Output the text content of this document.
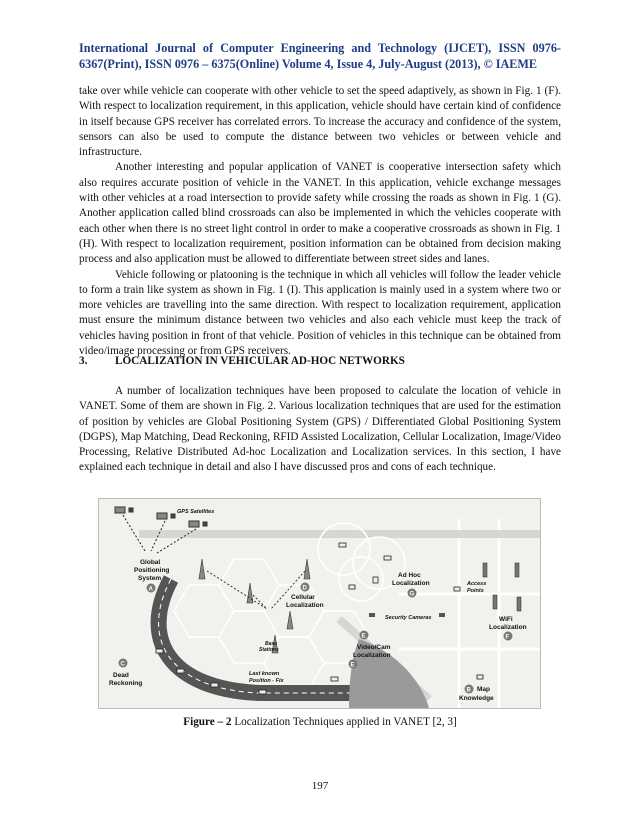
International Journal of Computer Engineering and Technology (IJCET), ISSN 0976-6367(Print), ISSN 0976 – 6375(Online) Volume 4, Issue 4, July-August (2013), © IAEME

take over while vehicle can cooperate with other vehicle to set the speed adaptively, as shown in Fig. 1 (F). With respect to localization requirement, in this application, vehicle should have certain kind of confidence in itself because GPS receiver has correlated errors. To increase the accuracy and confidence of the system, sensors can also be used to compute the distance between two vehicles or between vehicle and infrastructure.

Another interesting and popular application of VANET is cooperative intersection safety which also requires accurate position of vehicle in the VANET. In this application, vehicle exchange messages with other vehicles at a road intersection to provide safety while crossing the roads as shown in Fig. 1 (G). Another application called blind crossroads can also be implemented in which the vehicles cooperate with each other when there is no street light control in order to make a cooperative crossroads as shown in Fig. 1 (H). With respect to localization requirement, position information can be obtained from decision making process and also application must be allowed to differentiate between street sides and lanes.

Vehicle following or platooning is the technique in which all vehicles will follow the leader vehicle to form a train like system as shown in Fig. 1 (I). This application is mainly used in a system where two or more vehicles are travelling into the same direction. With respect to localization requirement, application must ensure the minimum distance between two vehicles and also each vehicle must keep the track of vehicles having position in front of that vehicle. Position of vehicles in this technique can be obtained from video/image processing or from GPS receivers.

3. LOCALIZATION IN VEHICULAR AD-HOC NETWORKS
A number of localization techniques have been proposed to calculate the location of vehicle in VANET. Some of them are shown in Fig. 2. Various localization techniques that are used for the estimation of position by vehicles are Global Positioning System (GPS) / Differentiated Global Positioning System (DGPS), Map Matching, Dead Reckoning, RFID Assisted Localization, Cellular Localization, Image/Video Processing, Relative Distributed Ad-hoc Localization and Localization services. In this section, I have explained each technique in detail and also I have discussed pros and cons of each technique.
GPS Satellites
Global
Positioning
System
A
C
Dead
Reckoning
Base
Stations
D
Cellular
Localization
Last known
Position - Fix
Ad Hoc
Localization
G
Security Cameras
E
Video/Cam
Localization
E
Access
Points
WiFi
Localization
F
B Map
Knowledge
Figure – 2 Localization Techniques applied in VANET [2, 3]
197
